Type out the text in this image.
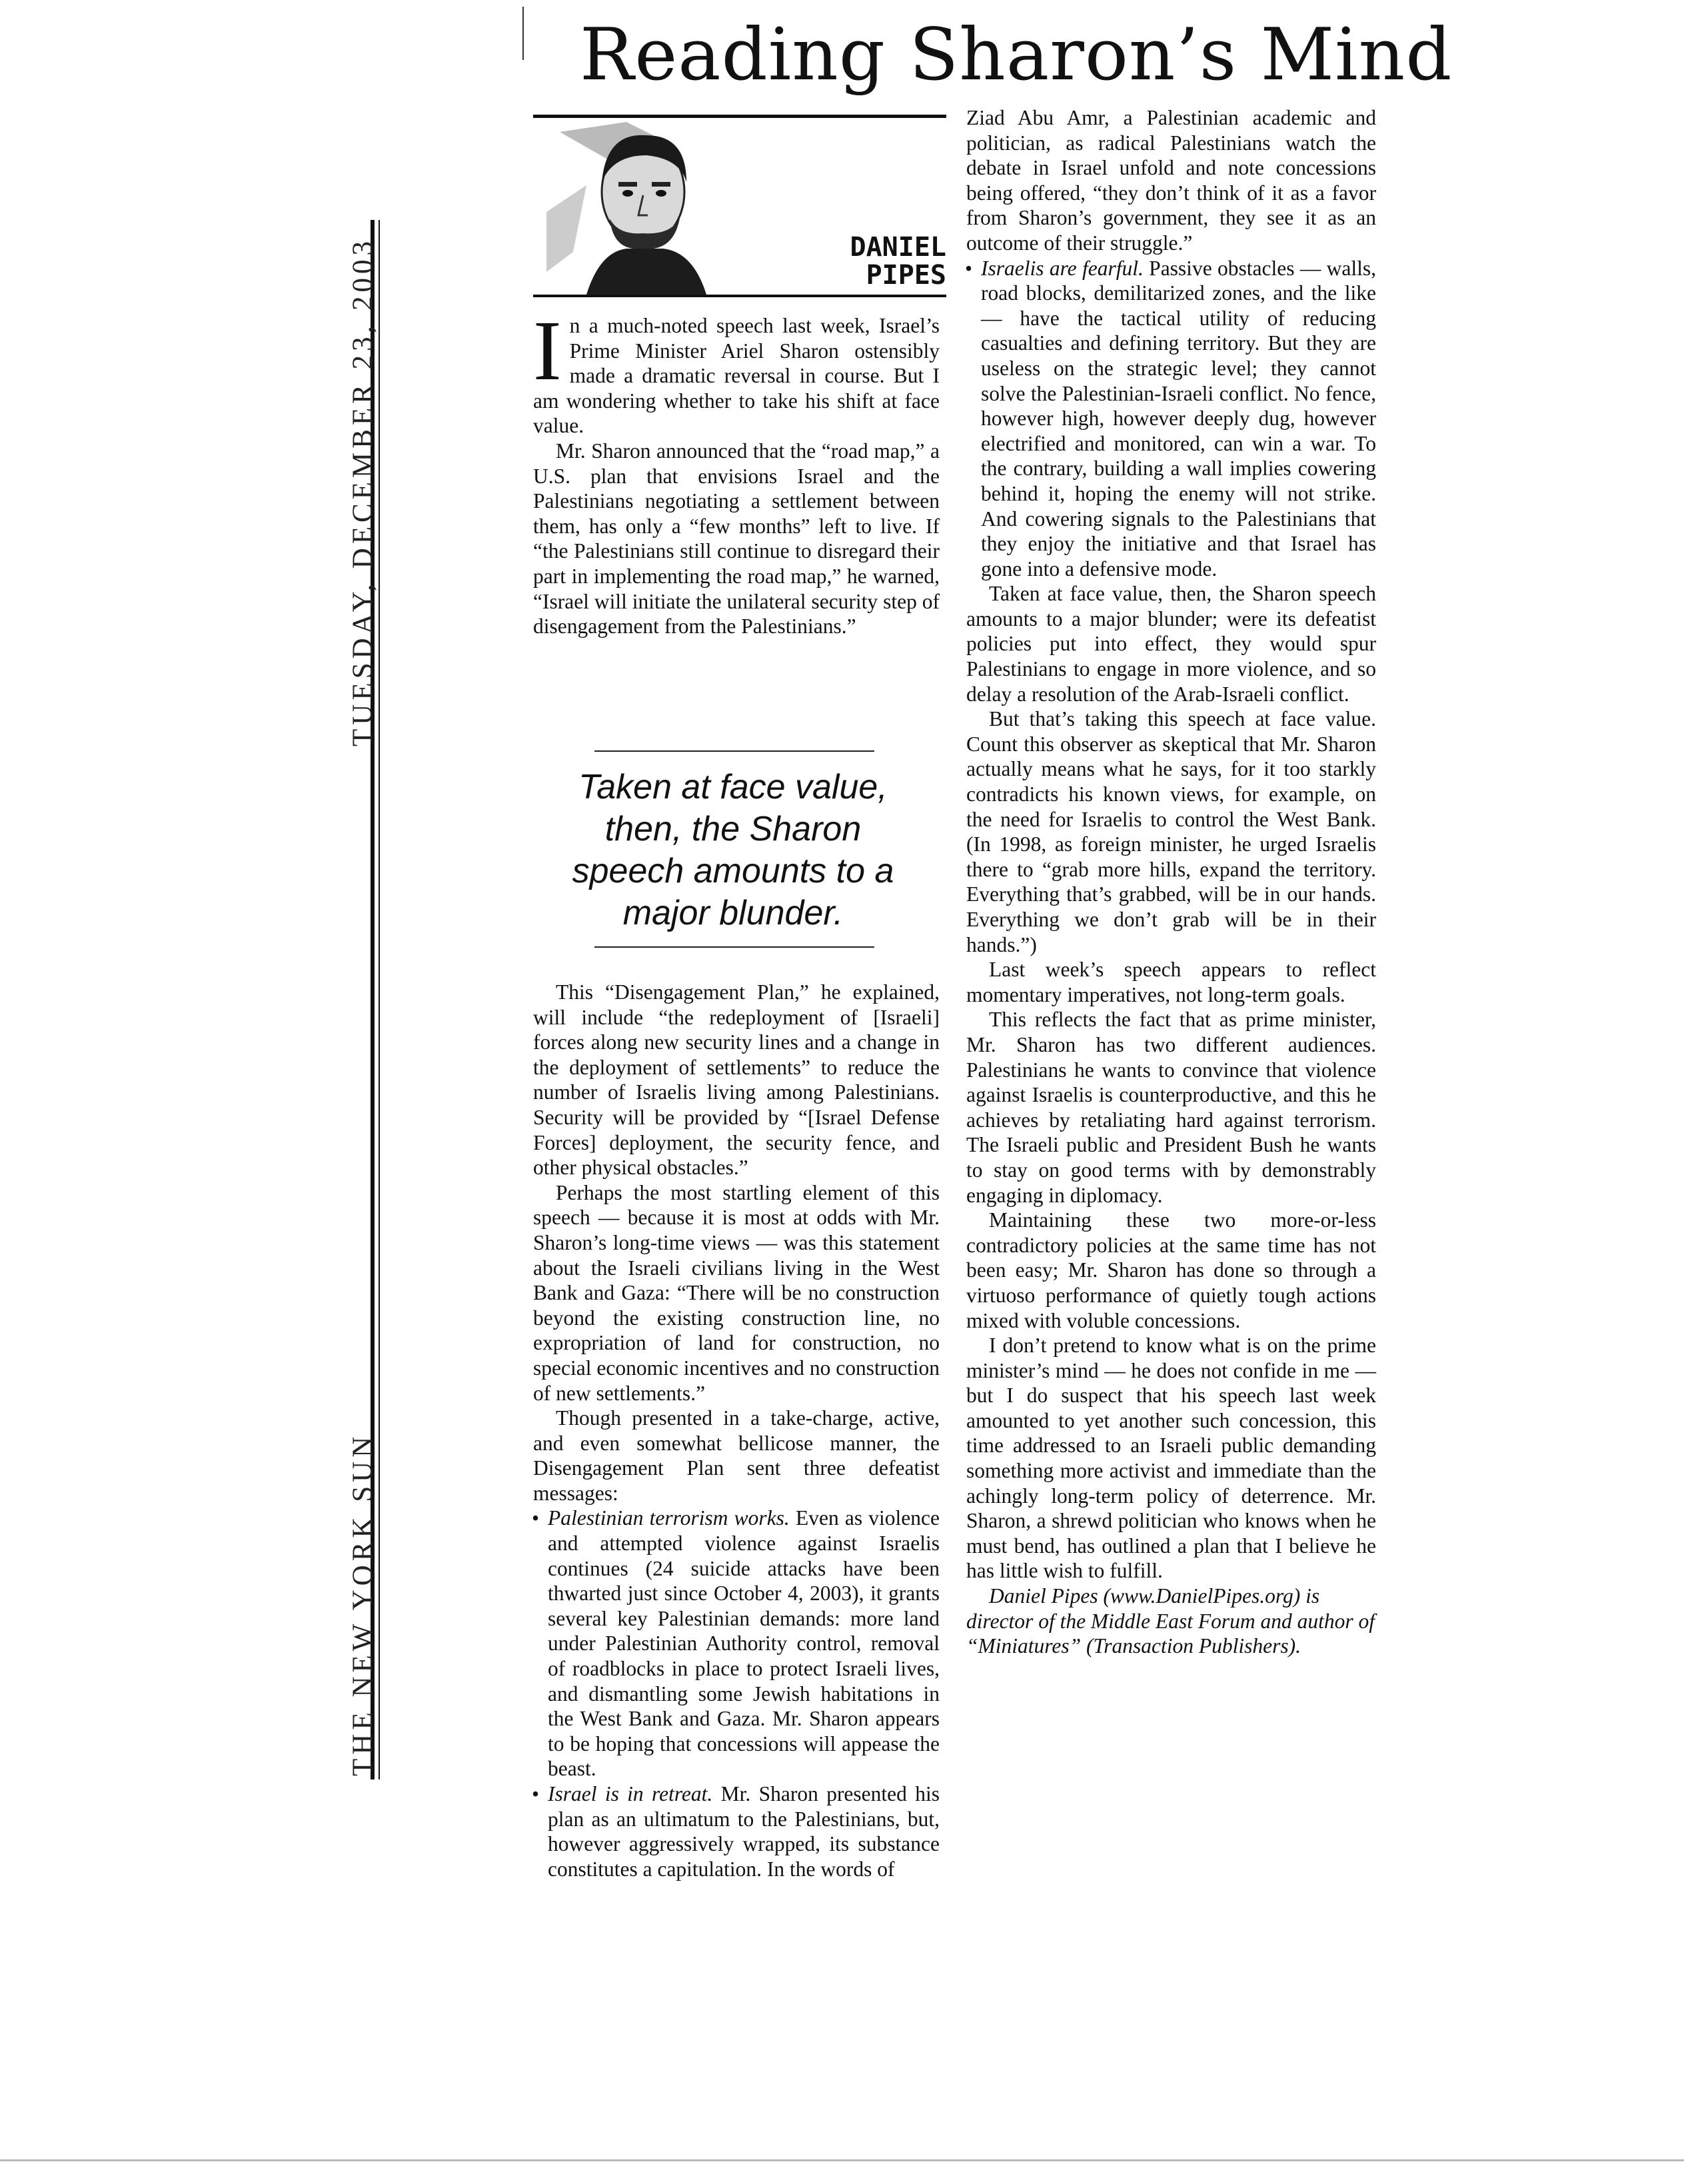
TUESDAY, DECEMBER 23, 2003
THE NEW YORK SUN
Reading Sharon’s Mind
DANIEL
PIPES

In a much-noted speech last week, Israel’s Prime Minister Ariel Sharon ostensibly made a dramatic reversal in course. But I am wondering whether to take his shift at face value.

Mr. Sharon announced that the “road map,” a U.S. plan that envisions Israel and the Palestinians negotiating a settlement between them, has only a “few months” left to live. If “the Palestinians still continue to disregard their part in implementing the road map,” he warned, “Israel will initiate the unilateral security step of disengagement from the Palestinians.”

Taken at face value, then, the Sharon speech amounts to a major blunder.

This “Disengagement Plan,” he explained, will include “the redeployment of [Israeli] forces along new security lines and a change in the deployment of settlements” to reduce the number of Israelis living among Palestinians. Security will be provided by “[Israel Defense Forces] deployment, the security fence, and other physical obstacles.”

Perhaps the most startling element of this speech — because it is most at odds with Mr. Sharon’s long-time views — was this statement about the Israeli civilians living in the West Bank and Gaza: “There will be no construction beyond the existing construction line, no expropriation of land for construction, no special economic incentives and no construction of new settlements.”

Though presented in a take-charge, active, and even somewhat bellicose manner, the Disengagement Plan sent three defeatist messages:

• Palestinian terrorism works. Even as violence and attempted violence against Israelis continues (24 suicide attacks have been thwarted just since October 4, 2003), it grants several key Palestinian demands: more land under Palestinian Authority control, removal of roadblocks in place to protect Israeli lives, and dismantling some Jewish habitations in the West Bank and Gaza. Mr. Sharon appears to be hoping that concessions will appease the beast.

• Israel is in retreat. Mr. Sharon presented his plan as an ultimatum to the Palestinians, but, however aggressively wrapped, its substance constitutes a capitulation. In the words of

Ziad Abu Amr, a Palestinian academic and politician, as radical Palestinians watch the debate in Israel unfold and note concessions being offered, “they don’t think of it as a favor from Sharon’s government, they see it as an outcome of their struggle.”

• Israelis are fearful. Passive obstacles — walls, road blocks, demilitarized zones, and the like — have the tactical utility of reducing casualties and defining territory. But they are useless on the strategic level; they cannot solve the Palestinian-Israeli conflict. No fence, however high, however deeply dug, however electrified and monitored, can win a war. To the contrary, building a wall implies cowering behind it, hoping the enemy will not strike. And cowering signals to the Palestinians that they enjoy the initiative and that Israel has gone into a defensive mode.

Taken at face value, then, the Sharon speech amounts to a major blunder; were its defeatist policies put into effect, they would spur Palestinians to engage in more violence, and so delay a resolution of the Arab-Israeli conflict.

But that’s taking this speech at face value. Count this observer as skeptical that Mr. Sharon actually means what he says, for it too starkly contradicts his known views, for example, on the need for Israelis to control the West Bank. (In 1998, as foreign minister, he urged Israelis there to “grab more hills, expand the territory. Everything that’s grabbed, will be in our hands. Everything we don’t grab will be in their hands.”)

Last week’s speech appears to reflect momentary imperatives, not long-term goals.

This reflects the fact that as prime minister, Mr. Sharon has two different audiences. Palestinians he wants to convince that violence against Israelis is counterproductive, and this he achieves by retaliating hard against terrorism. The Israeli public and President Bush he wants to stay on good terms with by demonstrably engaging in diplomacy.

Maintaining these two more-or-less contradictory policies at the same time has not been easy; Mr. Sharon has done so through a virtuoso performance of quietly tough actions mixed with voluble concessions.

I don’t pretend to know what is on the prime minister’s mind — he does not confide in me — but I do suspect that his speech last week amounted to yet another such concession, this time addressed to an Israeli public demanding something more activist and immediate than the achingly long-term policy of deterrence. Mr. Sharon, a shrewd politician who knows when he must bend, has outlined a plan that I believe he has little wish to fulfill.

Daniel Pipes (www.DanielPipes.org) is director of the Middle East Forum and author of “Miniatures” (Transaction Publishers).
